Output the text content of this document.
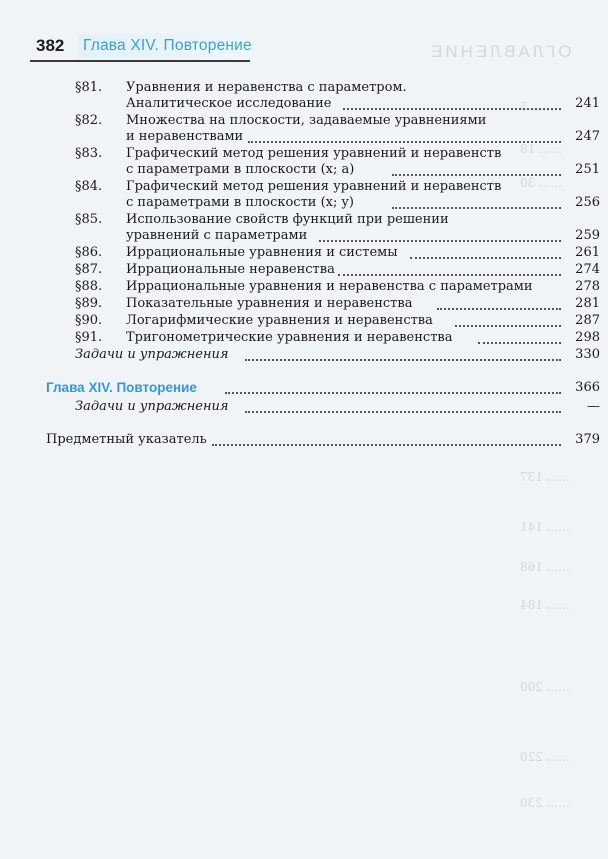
382 Глава XIV. Повторение	ОГЛАВЛЕНИЕ
...... 5
...... 18
...... 30
...... 137
...... 141
...... 168
...... 184
...... 200
...... 220
...... 230
§81. Уравнения и неравенства с параметром.
Аналитическое исследование	241
§82. Множества на плоскости, задаваемые уравнениями
и неравенствами	247
§83. Графический метод решения уравнений и неравенств
с параметрами в плоскости (x; a)	251
§84. Графический метод решения уравнений и неравенств
с параметрами в плоскости (x; y)	256
§85. Использование свойств функций при решении
уравнений с параметрами	259
§86. Иррациональные уравнения и системы	261
§87. Иррациональные неравенства	274
§88. Иррациональные уравнения и неравенства с параметрами	278
§89. Показательные уравнения и неравенства	281
§90. Логарифмические уравнения и неравенства	287
§91. Тригонометрические уравнения и неравенства	298
Задачи и упражнения	330
Глава XIV. Повторение	366
Задачи и упражнения	—
Предметный указатель	379
